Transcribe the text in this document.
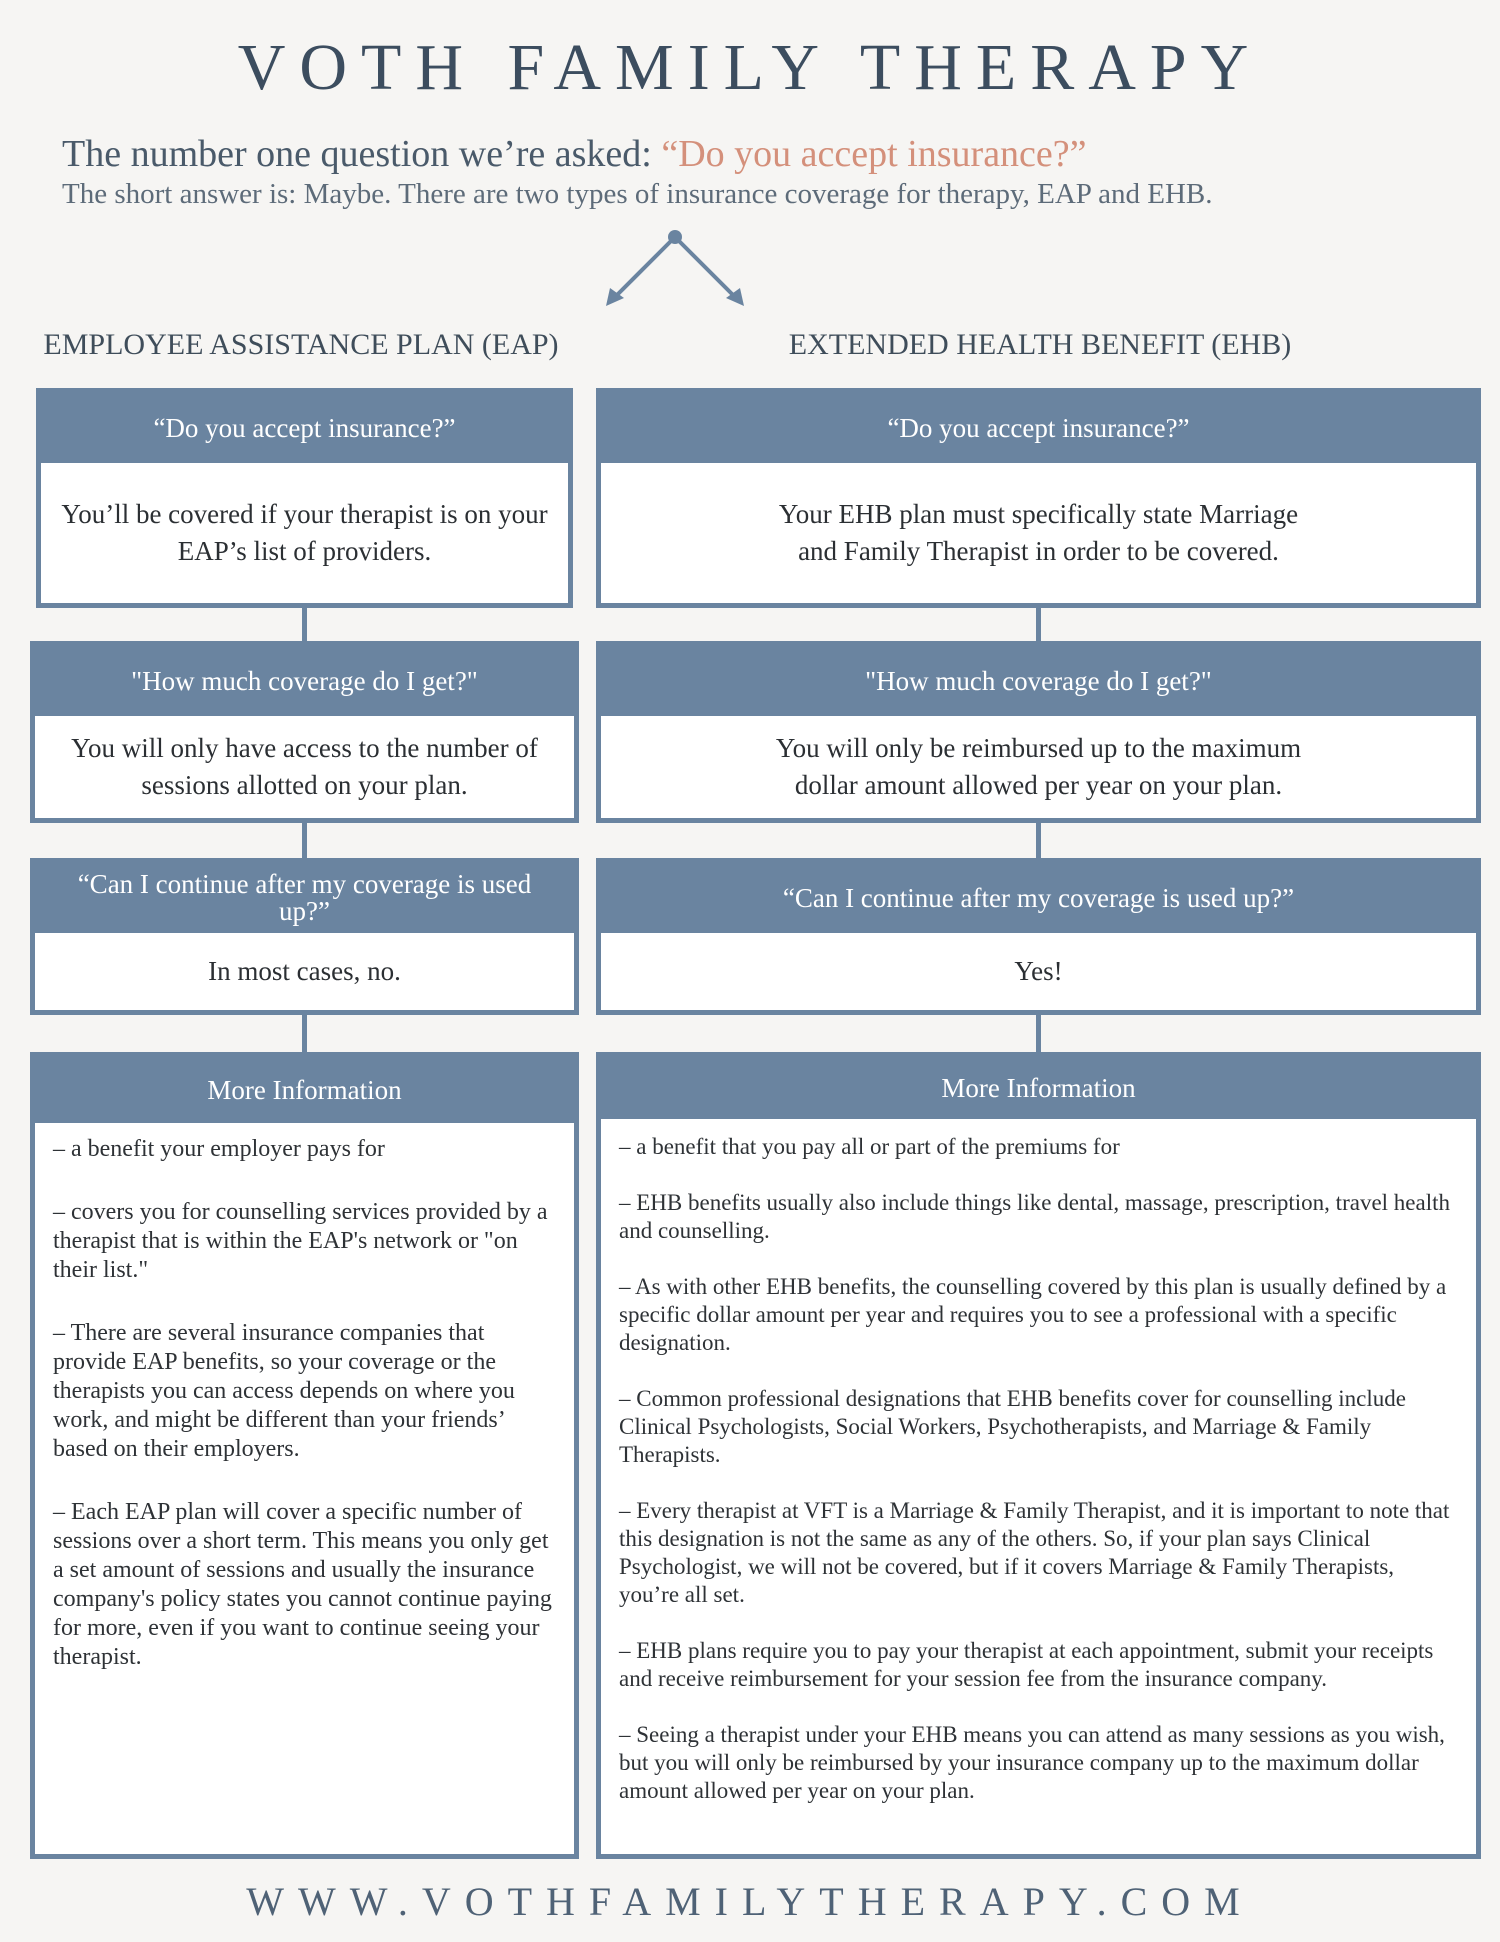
VOTH FAMILY THERAPY
The number one question we’re asked: “Do you accept insurance?”
The short answer is: Maybe. There are two types of insurance coverage for therapy, EAP and EHB.
EMPLOYEE ASSISTANCE PLAN (EAP)	EXTENDED HEALTH BENEFIT (EHB)
“Do you accept insurance?”
You’ll be covered if your therapist is on your EAP’s list of providers.
"How much coverage do I get?"
You will only have access to the number of sessions allotted on your plan.
“Can I continue after my coverage is used up?”
In most cases, no.
More Information

– a benefit your employer pays for

– covers you for counselling services provided by a therapist that is within the EAP's network or "on their list."

– There are several insurance companies that provide EAP benefits, so your coverage or the therapists you can access depends on where you work, and might be different than your friends’ based on their employers.

– Each EAP plan will cover a specific number of sessions over a short term. This means you only get a set amount of sessions and usually the insurance company's policy states you cannot continue paying for more, even if you want to continue seeing your therapist.

“Do you accept insurance?”
Your EHB plan must specifically state Marriage and Family Therapist in order to be covered.
"How much coverage do I get?"
You will only be reimbursed up to the maximum dollar amount allowed per year on your plan.
“Can I continue after my coverage is used up?”
Yes!
More Information

– a benefit that you pay all or part of the premiums for

– EHB benefits usually also include things like dental, massage, prescription, travel health and counselling.

– As with other EHB benefits, the counselling covered by this plan is usually defined by a specific dollar amount per year and requires you to see a professional with a specific designation.

– Common professional designations that EHB benefits cover for counselling include Clinical Psychologists, Social Workers, Psychotherapists, and Marriage & Family Therapists.

– Every therapist at VFT is a Marriage & Family Therapist, and it is important to note that this designation is not the same as any of the others. So, if your plan says Clinical Psychologist, we will not be covered, but if it covers Marriage & Family Therapists, you’re all set.

– EHB plans require you to pay your therapist at each appointment, submit your receipts and receive reimbursement for your session fee from the insurance company.

– Seeing a therapist under your EHB means you can attend as many sessions as you wish, but you will only be reimbursed by your insurance company up to the maximum dollar amount allowed per year on your plan.

WWW.VOTHFAMILYTHERAPY.COM
